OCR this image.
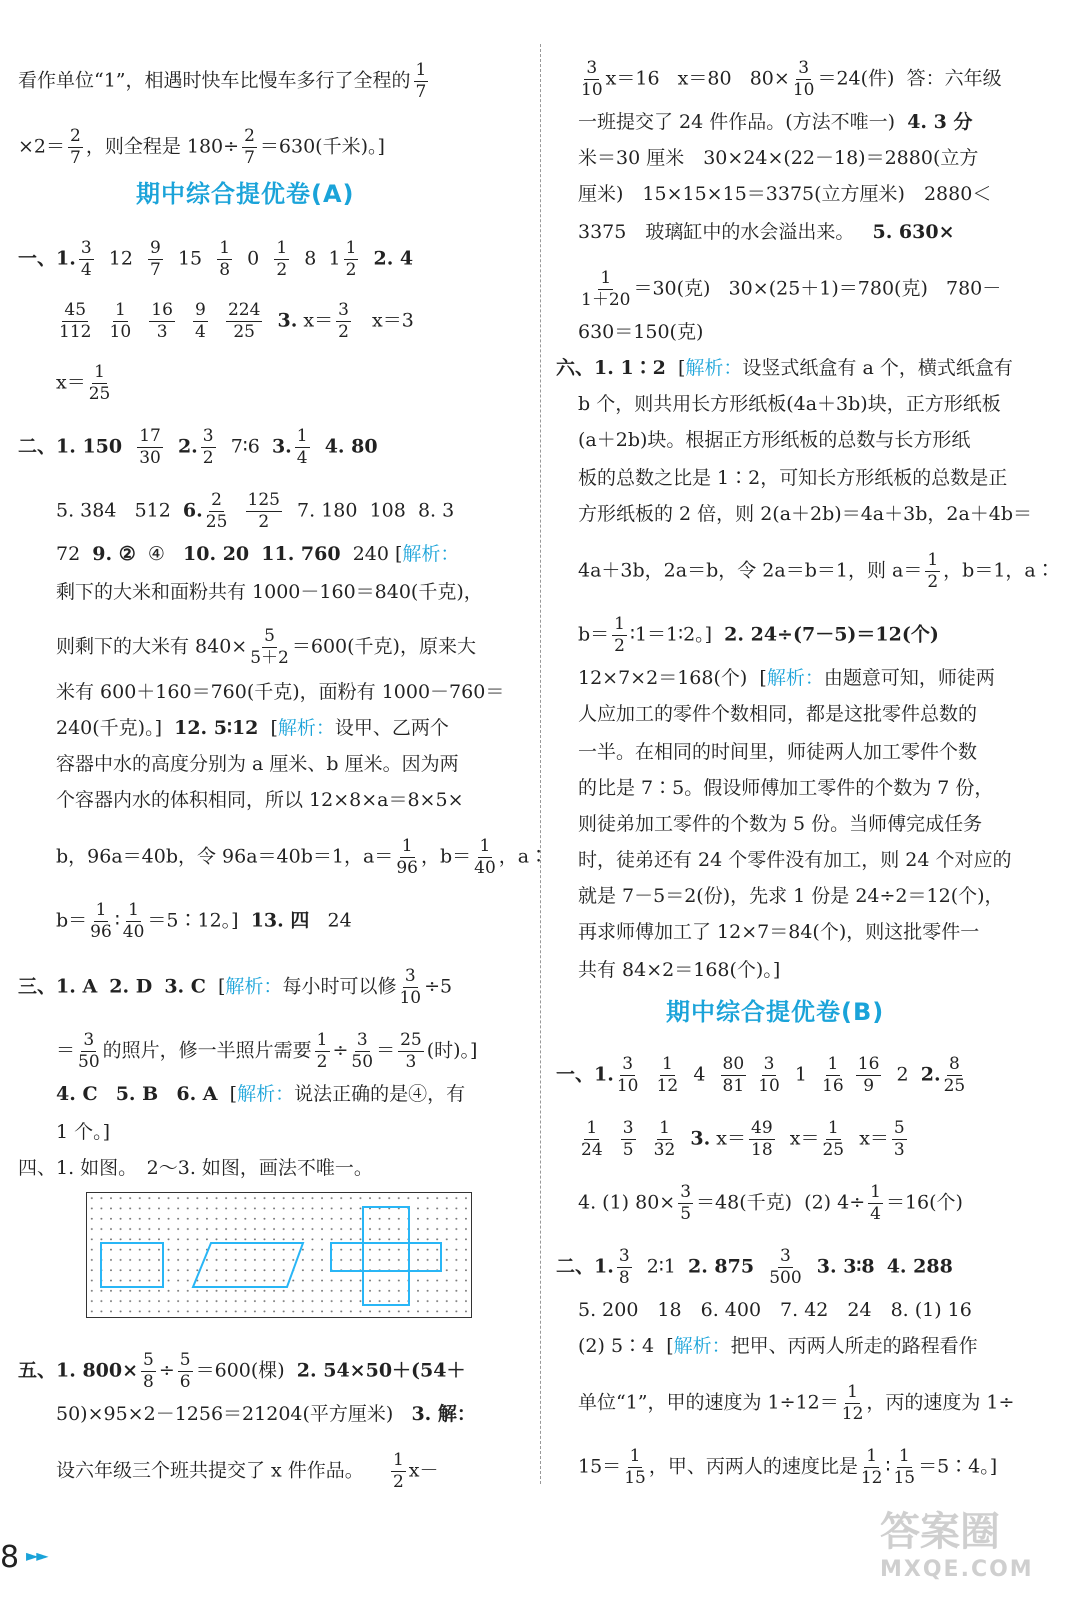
看作单位“1”，相遇时快车比慢车多行了全程的 $\frac{1}{7}$
$\times 2= \frac{2}{7}$ ，则全程是 $180\div \frac{2}{7} =630$(千米)。]
期中综合提优卷(A)
一、1. $\frac{3}{4} 12 \frac{9}{7} 15 \frac{1}{8} 0 \frac{1}{2} 8$ $1 \frac{1}{2} 2$. 4
$\frac{45}{112}$
$\frac{1}{10}$
$\frac{16}{3}$
$\frac{9}{4}$
$\frac{224}{25} 3$. $x= \frac{3}{2} x=3$
$x= \frac{1}{25}$
二、1. $150 \frac{17}{30} 2$. $\frac{3}{2}$ 7∶6 3. $\frac{1}{4} 4$. 80
5. 384 512 6. $\frac{2}{25}$
$\frac{125}{2} 7$. 180 108 8. 3
72 9. ② ④ 10. 20 11. 760 240 [解析：
剩下的大米和面粉共有 1000－160＝840(千克)，
则剩下的大米有 $840\times \frac{5}{5+2} =600$(千克)，原来大
米有 600＋160＝760(千克)，面粉有 1000－760＝
240(千克)。] 12. 5∶12 [解析：设甲、乙两个
容器中水的高度分别为 a 厘米、b 厘米。因为两
个容器内水的体积相同，所以 12×8×a＝8×5×
b，96a＝40b，令 96a＝40b＝1，$a= \frac{1}{96}$ ，$b= \frac{1}{40}$ ，a∶
$b= \frac{1}{96}$ ∶ $\frac{1}{40}$ ＝5∶12。] 13. 四 24
三、1. A 2. D 3. C [解析：每小时可以修 $\frac{3}{10} \div 5$
＝ $\frac{3}{50}$ 的照片，修一半照片需要 $\frac{1}{2} \div \frac{3}{50} = \frac{25}{3}$ (时)。]
4. C 5. B 6. A [解析：说法正确的是④，有
1 个。]
四、1. 如图。　2～3. 如图，画法不唯一。
五、1. $800\times \frac{5}{8} \div \frac{5}{6} =600$(棵) 2. 54×50＋(54＋
50)×95×2－1256＝21204(平方厘米) 3. 解：
设六年级三个班共提交了 x 件作品。 $\frac{1}{2} x-$
$\frac{3}{10} x=16$ x＝80 $80\times \frac{3}{10} =24$(件) 答：六年级
一班提交了 24 件作品。(方法不唯一) 4. 3 分
米＝30 厘米　30×24×(22－18)＝2880(立方
厘米)　15×15×15＝3375(立方厘米)　2880＜
3375　玻璃缸中的水会溢出来。 5. 630×
$\frac{1}{1+20} =30$(克) 30×(25＋1)＝780(克) 780－
630＝150(克)
六、1. 1∶2 [解析：设竖式纸盒有 a 个，横式纸盒有
b 个，则共用长方形纸板(4a＋3b)块，正方形纸板
(a＋2b)块。根据正方形纸板的总数与长方形纸
板的总数之比是 1∶2，可知长方形纸板的总数是正
方形纸板的 2 倍，则 2(a＋2b)＝4a＋3b，2a＋4b＝
4a＋3b，2a＝b，令 2a＝b＝1，则 $a= \frac{1}{2}$ ，b＝1，a∶
$b= \frac{1}{2}$ ∶1＝1∶2。] 2. 24÷(7－5)＝12(个)
12×7×2＝168(个) [解析：由题意可知，师徒两
人应加工的零件个数相同，都是这批零件总数的
一半。在相同的时间里，师徒两人加工零件个数
的比是 7∶5。假设师傅加工零件的个数为 7 份，
则徒弟加工零件的个数为 5 份。当师傅完成任务
时，徒弟还有 24 个零件没有加工，则 24 个对应的
就是 7－5＝2(份)，先求 1 份是 24÷2＝12(个)，
再求师傅加工了 12×7＝84(个)，则这批零件一
共有 84×2＝168(个)。]
期中综合提优卷(B)
一、1. $\frac{3}{10}$
$\frac{1}{12} 4 \frac{80}{81}$
$\frac{3}{10} 1 \frac{1}{16}$
$\frac{16}{9} 2$ 2. $\frac{8}{25}$
$\frac{1}{24}$
$\frac{3}{5}$
$\frac{1}{32} 3$. $x= \frac{49}{18} x= \frac{1}{25} x= \frac{5}{3}$
4. (1) $80\times \frac{3}{5} =48$(千克) (2) $4\div \frac{1}{4} =16$(个)
二、1. $\frac{3}{8}$ 2∶1 2. $875 \frac{3}{500} 3$. 3∶8 4. 288
5. 200　18　6. 400　7. 42　24　8. (1) 16
(2) 5∶4 [解析：把甲、丙两人所走的路程看作
单位“1”，甲的速度为 $1\div 12= \frac{1}{12}$ ，丙的速度为 1÷
$15= \frac{1}{15}$ ，甲、丙两人的速度比是 $\frac{1}{12}$ ∶ $\frac{1}{15}$ ＝5∶4。]
8 ►►
答案圈
MXQE.COM
